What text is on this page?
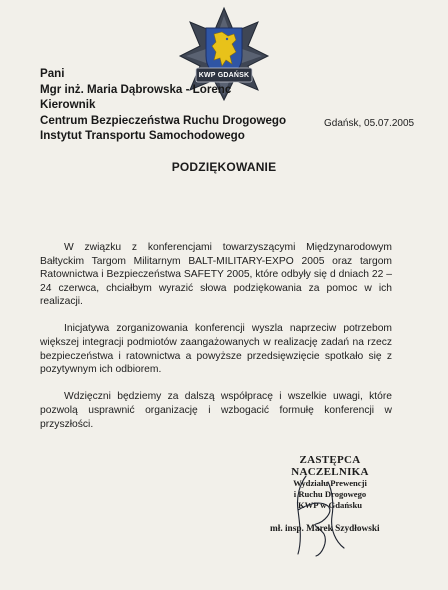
KWP GDAŃSK
Pani
Mgr inż. Maria Dąbrowska - Lorenc
Kierownik
Centrum Bezpieczeństwa Ruchu Drogowego
Instytut Transportu Samochodowego
Gdańsk, 05.07.2005
PODZIĘKOWANIE

W związku z konferencjami towarzyszącymi Międzynarodowym Bałtyckim Targom Militarnym BALT-MILITARY-EXPO 2005 oraz targom Ratownictwa i Bezpieczeństwa SAFETY 2005, które odbyły się d dniach 22 – 24 czerwca, chciałbym wyrazić słowa podziękowania za pomoc w ich realizacji.

Inicjatywa zorganizowania konferencji wyszla naprzeciw potrzebom większej integracji podmiotów zaangażowanych w realizację zadań na rzecz bezpieczeństwa i ratownictwa a powyższe przedsięwzięcie spotkało się z pozytywnym ich odbiorem.

Wdzięczni będziemy za dalszą współpracę i wszelkie uwagi, które pozwolą usprawnić organizację i wzbogacić formułę konferencji w przyszłości.

ZASTĘPCA NACZELNIKA
Wydziału Prewencji
i Ruchu Drogowego
KWP w Gdańsku
mł. insp. Marek Szydłowski
